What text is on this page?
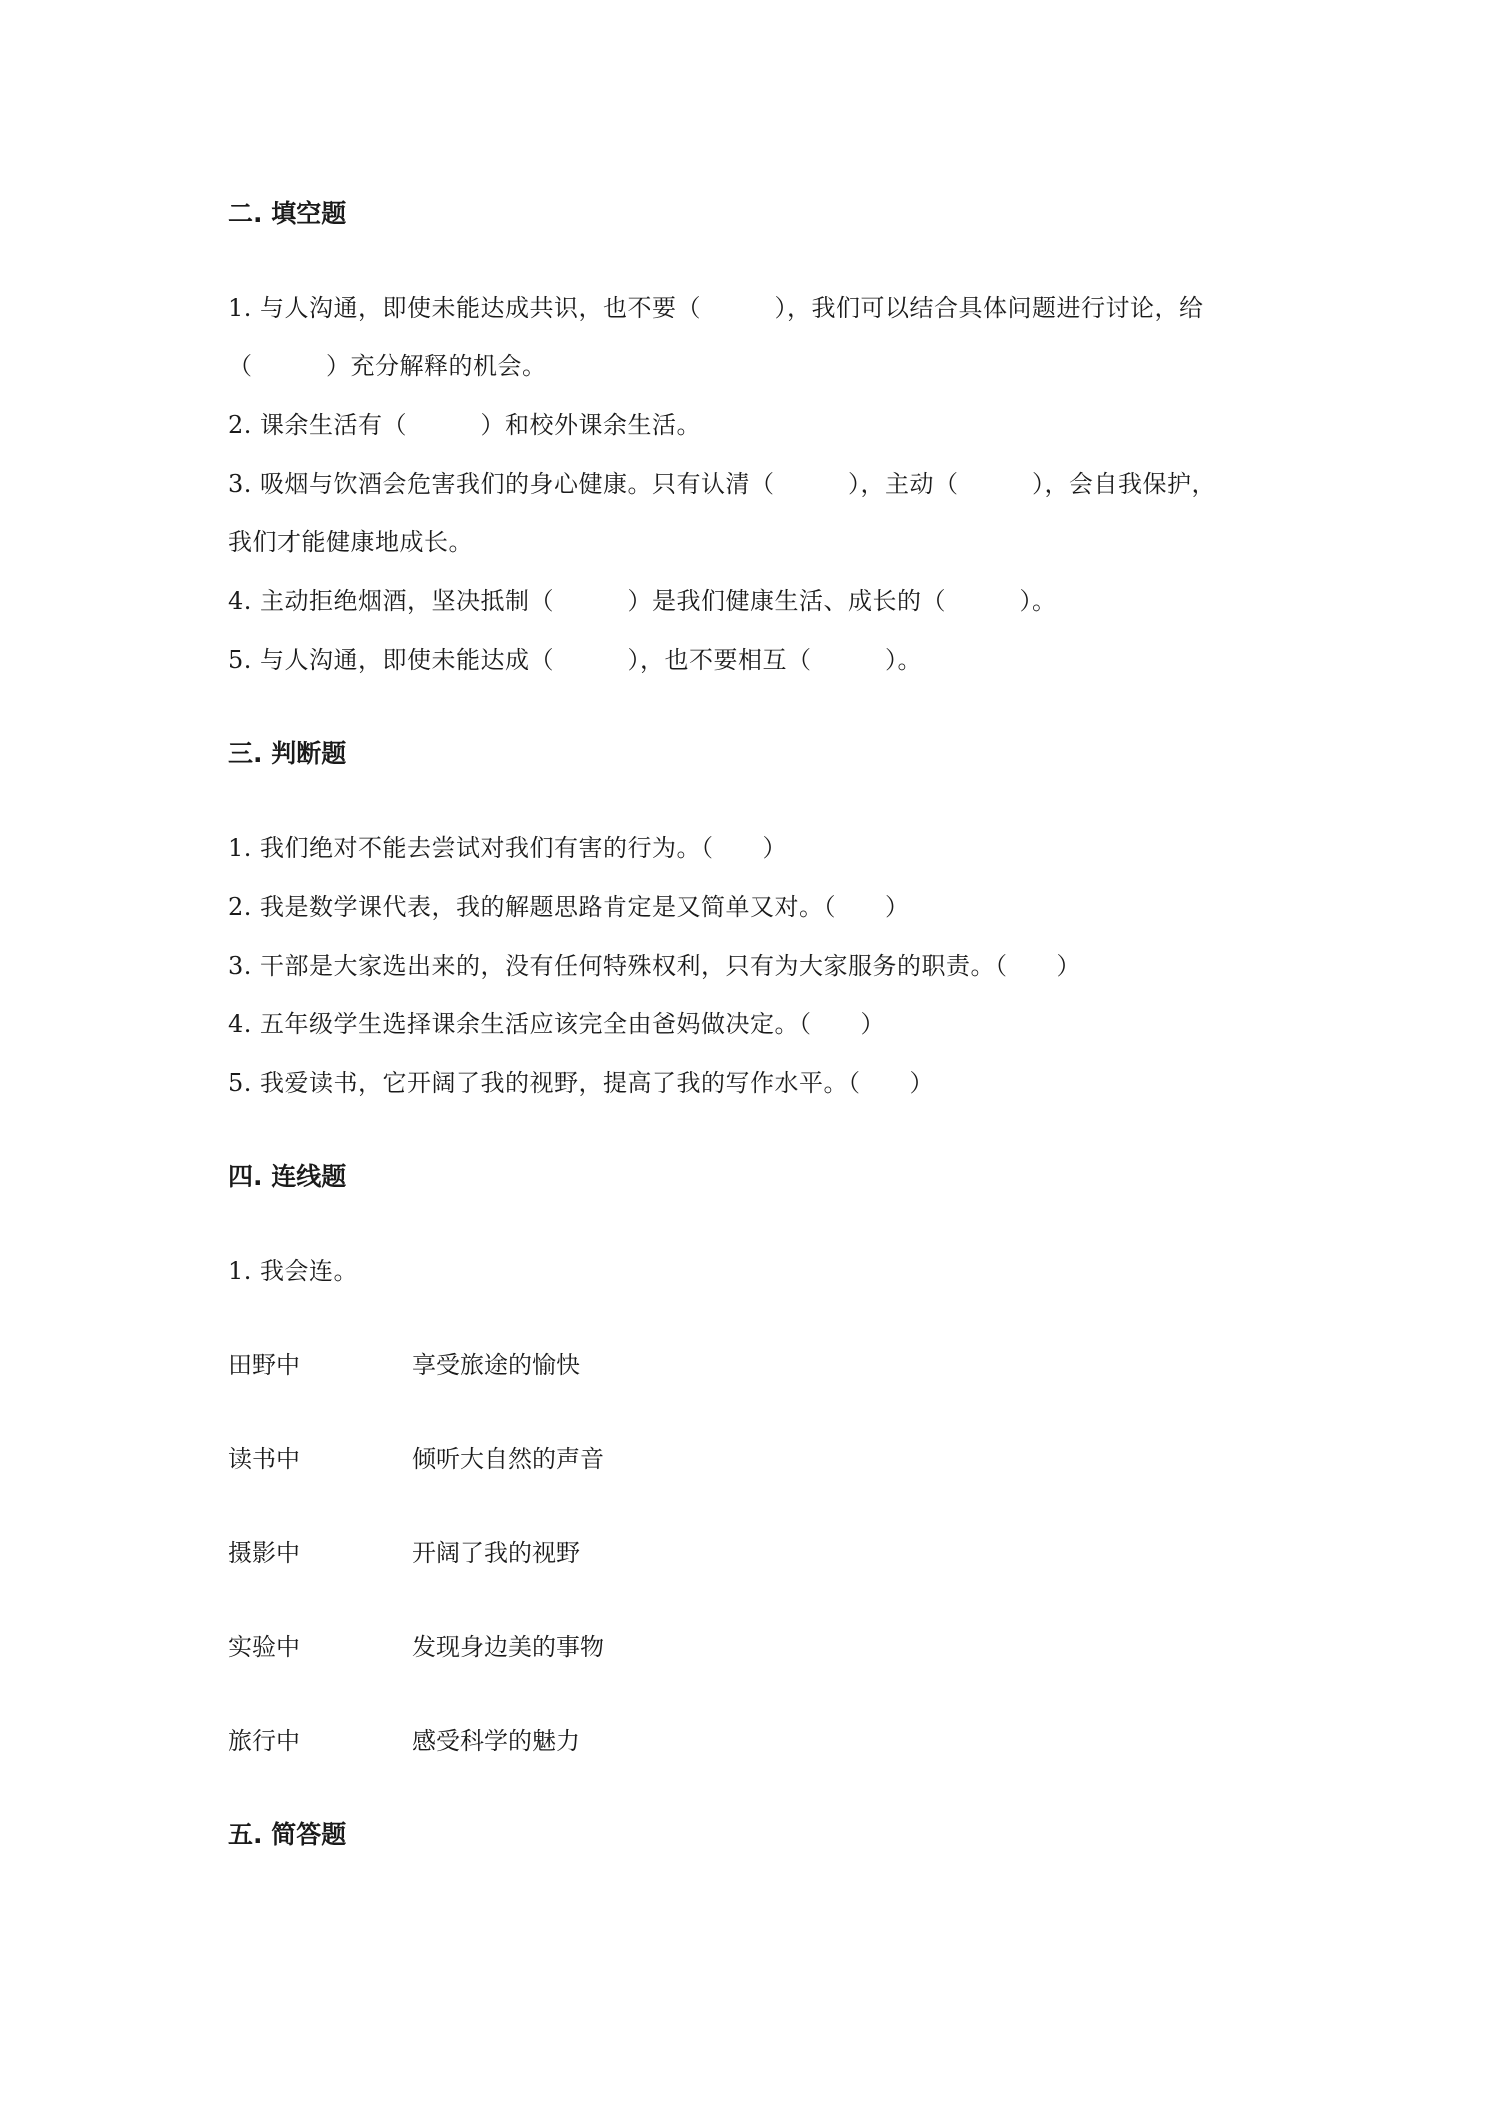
二. 填空题
1. 与人沟通，即使未能达成共识，也不要（　　　），我们可以结合具体问题进行讨论，给
（　　　）充分解释的机会。
2. 课余生活有（　　　）和校外课余生活。
3. 吸烟与饮酒会危害我们的身心健康。只有认清（　　　），主动（　　　），会自我保护，
我们才能健康地成长。
4. 主动拒绝烟酒，坚决抵制（　　　）是我们健康生活、成长的（　　　）。
5. 与人沟通，即使未能达成（　　　），也不要相互（　　　）。
三. 判断题
1. 我们绝对不能去尝试对我们有害的行为。（　　）
2. 我是数学课代表，我的解题思路肯定是又简单又对。（　　）
3. 干部是大家选出来的，没有任何特殊权利，只有为大家服务的职责。（　　）
4. 五年级学生选择课余生活应该完全由爸妈做决定。（　　）
5. 我爱读书，它开阔了我的视野，提高了我的写作水平。（　　）
四. 连线题
1. 我会连。
田野中	享受旅途的愉快
读书中	倾听大自然的声音
摄影中	开阔了我的视野
实验中	发现身边美的事物
旅行中	感受科学的魅力
五. 简答题
